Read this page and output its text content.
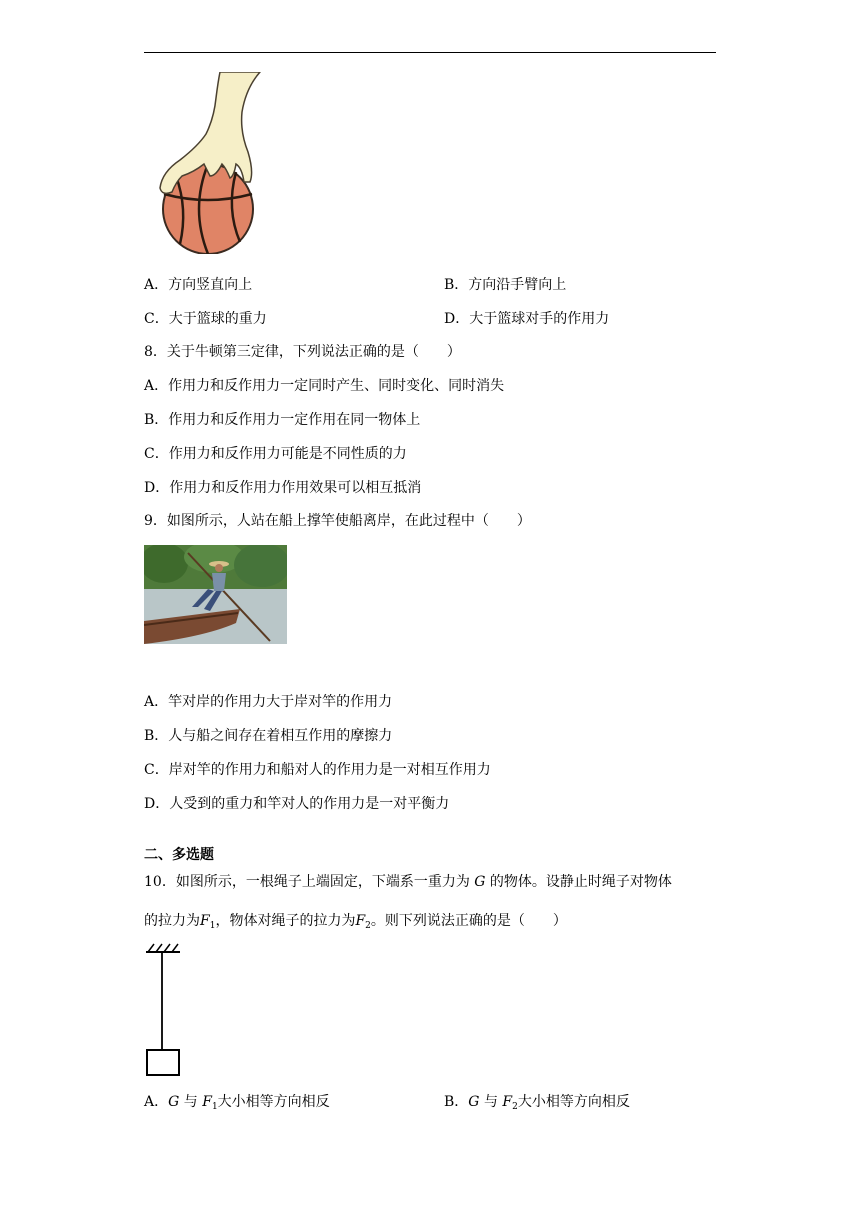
A．方向竖直向上	B．方向沿手臂向上
C．大于篮球的重力	D．大于篮球对手的作用力
8．关于牛顿第三定律，下列说法正确的是（　　）
A．作用力和反作用力一定同时产生、同时变化、同时消失
B．作用力和反作用力一定作用在同一物体上
C．作用力和反作用力可能是不同性质的力
D．作用力和反作用力作用效果可以相互抵消
9．如图所示，人站在船上撑竿使船离岸，在此过程中（　　）
A．竿对岸的作用力大于岸对竿的作用力
B．人与船之间存在着相互作用的摩擦力
C．岸对竿的作用力和船对人的作用力是一对相互作用力
D．人受到的重力和竿对人的作用力是一对平衡力
二、多选题
10．如图所示，一根绳子上端固定，下端系一重力为 G 的物体。设静止时绳子对物体
的拉力为$F_1$，物体对绳子的拉力为$F_2$。则下列说法正确的是（　　）
A．G 与 $F_1$大小相等方向相反	B．G 与 $F_2$大小相等方向相反
